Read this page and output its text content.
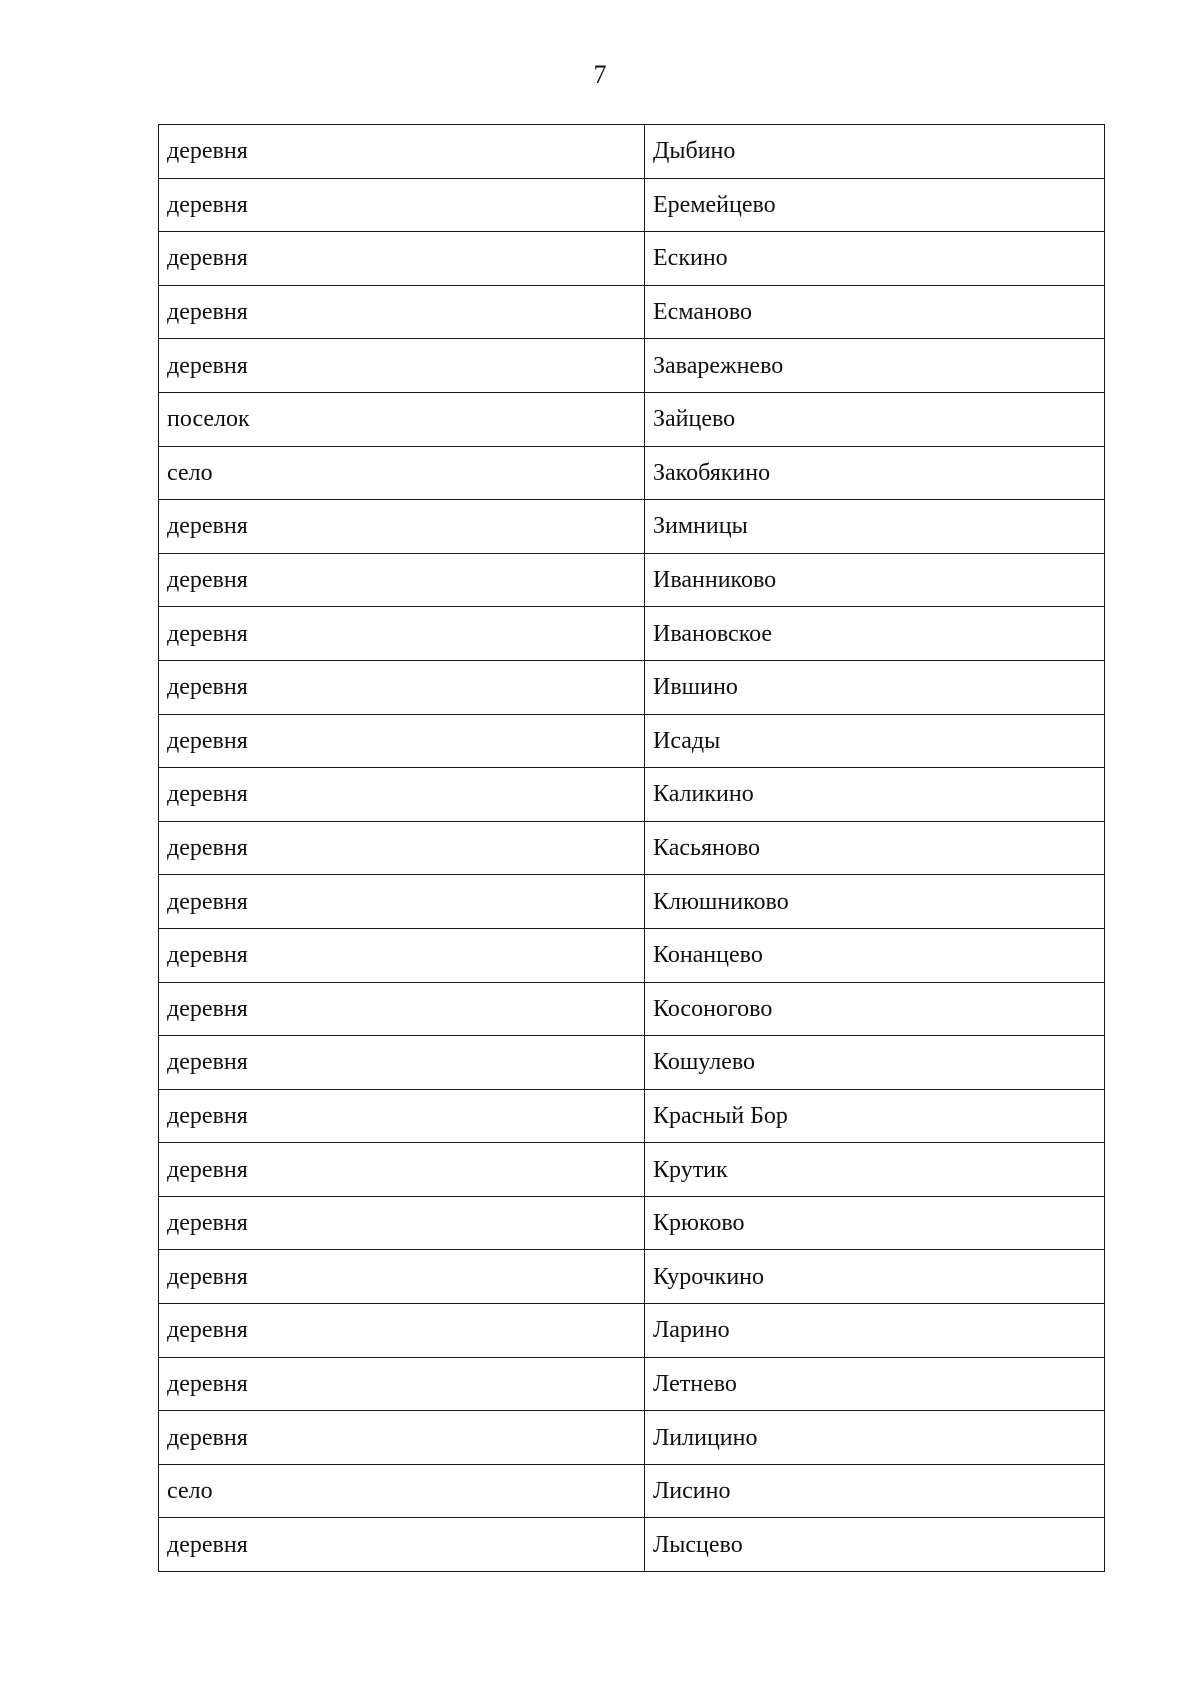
7
деревня	Дыбино
деревня	Еремейцево
деревня	Ескино
деревня	Есманово
деревня	Заварежнево
поселок	Зайцево
село	Закобякино
деревня	Зимницы
деревня	Иванниково
деревня	Ивановское
деревня	Ившино
деревня	Исады
деревня	Каликино
деревня	Касьяново
деревня	Клюшниково
деревня	Конанцево
деревня	Косоногово
деревня	Кошулево
деревня	Красный Бор
деревня	Крутик
деревня	Крюково
деревня	Курочкино
деревня	Ларино
деревня	Летнево
деревня	Лилицино
село	Лисино
деревня	Лысцево
